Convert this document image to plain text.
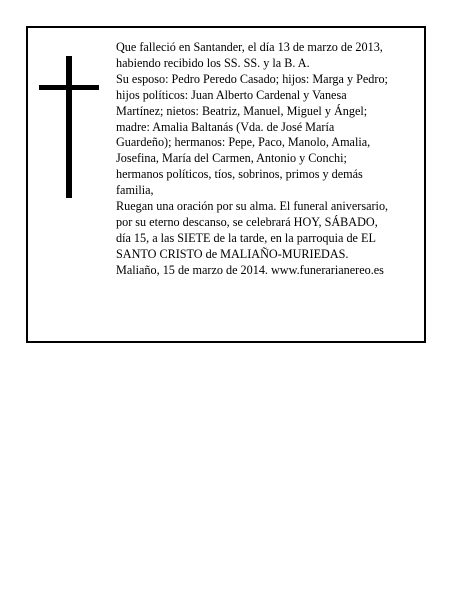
Que falleció en Santander, el día 13 de marzo de 2013,
habiendo recibido los SS. SS. y la B. A.
Su esposo: Pedro Peredo Casado; hijos: Marga y Pedro;
hijos políticos: Juan Alberto Cardenal y Vanesa
Martínez; nietos: Beatriz, Manuel, Miguel y Ángel;
madre: Amalia Baltanás (Vda. de José María
Guardeño); hermanos: Pepe, Paco, Manolo, Amalia,
Josefina, María del Carmen, Antonio y Conchi;
hermanos políticos, tíos, sobrinos, primos y demás
familia,
Ruegan una oración por su alma. El funeral aniversario,
por su eterno descanso, se celebrará HOY, SÁBADO,
día 15, a las SIETE de la tarde, en la parroquia de EL
SANTO CRISTO de MALIAÑO-MURIEDAS.
Maliaño, 15 de marzo de 2014. www.funerarianereo.es
